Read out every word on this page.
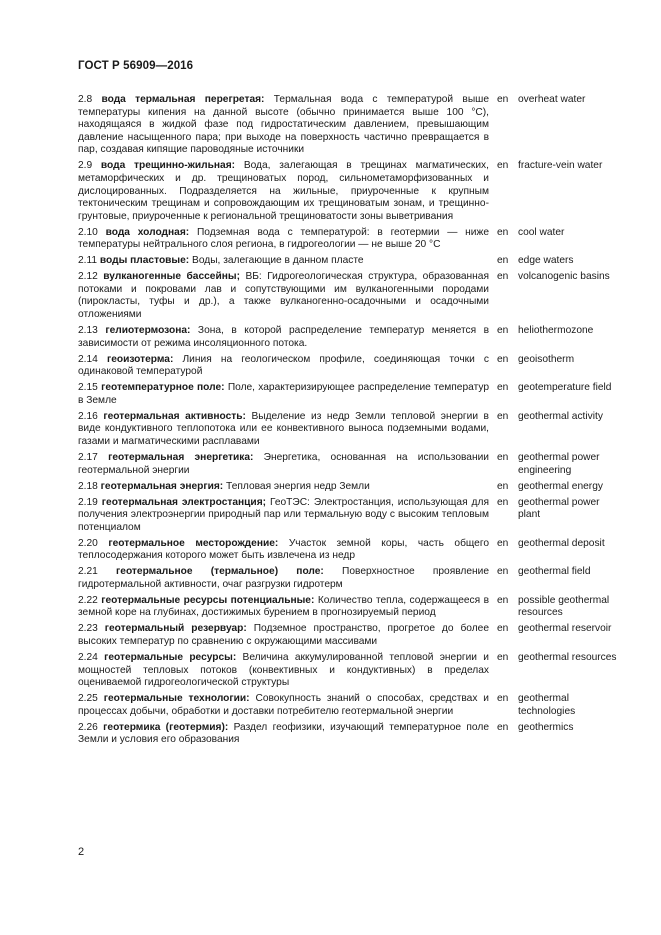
ГОСТ Р 56909—2016
2.8 вода термальная перегретая: Термальная вода с температурой выше температуры кипения на данной высоте (обычно принимается выше 100 °С), находящаяся в жидкой фазе под гидростатическим давлением, превышающим давление насыщенного пара; при выходе на поверхность частично превращается в пар, создавая кипящие пароводяные источники
en overheat water
2.9 вода трещинно-жильная: Вода, залегающая в трещинах магматических, метаморфических и др. трещиноватых пород, сильнометаморфизованных и дислоцированных. Подразделяется на жильные, приуроченные к крупным тектоническим трещинам и сопровождающим их трещиноватым зонам, и трещинно-грунтовые, приуроченные к региональной трещиноватости зоны выветривания
en fracture-vein water
2.10 вода холодная: Подземная вода с температурой: в геотермии — ниже температуры нейтрального слоя региона, в гидрогеологии — не выше 20 °С
en cool water
2.11 воды пластовые: Воды, залегающие в данном пласте	en edge waters
2.12 вулканогенные бассейны; ВБ: Гидрогеологическая структура, образованная потоками и покровами лав и сопутствующими им вулканогенными породами (пирокласты, туфы и др.), а также вулканогенно-осадочными и осадочными отложениями
en volcanogenic basins
2.13 гелиотермозона: Зона, в которой распределение температур меняется в зависимости от режима инсоляционного потока.
en heliothermozone
2.14 геоизотерма: Линия на геологическом профиле, соединяющая точки с одинаковой температурой
en geoisotherm
2.15 геотемпературное поле: Поле, характеризирующее распределение температур в Земле
en geotemperature field
2.16 геотермальная активность: Выделение из недр Земли тепловой энергии в виде кондуктивного теплопотока или ее конвективного выноса подземными водами, газами и магматическими расплавами
en geothermal activity
2.17 геотермальная энергетика: Энергетика, основанная на использовании геотермальной энергии
en geothermal power engineering
2.18 геотермальная энергия: Тепловая энергия недр Земли	en geothermal energy
2.19 геотермальная электростанция; ГеоТЭС: Электростанция, использующая для получения электроэнергии природный пар или термальную воду с высоким тепловым потенциалом
en geothermal power plant
2.20 геотермальное месторождение: Участок земной коры, часть общего теплосодержания которого может быть извлечена из недр
en geothermal deposit
2.21 геотермальное (термальное) поле: Поверхностное проявление гидротермальной активности, очаг разгрузки гидротерм
en geothermal field
2.22 геотермальные ресурсы потенциальные: Количество тепла, содержащееся в земной коре на глубинах, достижимых бурением в прогнозируемый период
en possible geothermal resources
2.23 геотермальный резервуар: Подземное пространство, прогретое до более высоких температур по сравнению с окружающими массивами
en geothermal reservoir
2.24 геотермальные ресурсы: Величина аккумулированной тепловой энергии и мощностей тепловых потоков (конвективных и кондуктивных) в пределах оцениваемой гидрогеологической структуры
en geothermal resources
2.25 геотермальные технологии: Совокупность знаний о способах, средствах и процессах добычи, обработки и доставки потребителю геотермальной энергии
en geothermal technologies
2.26 геотермика (геотермия): Раздел геофизики, изучающий температурное поле Земли и условия его образования
en geothermics
2
